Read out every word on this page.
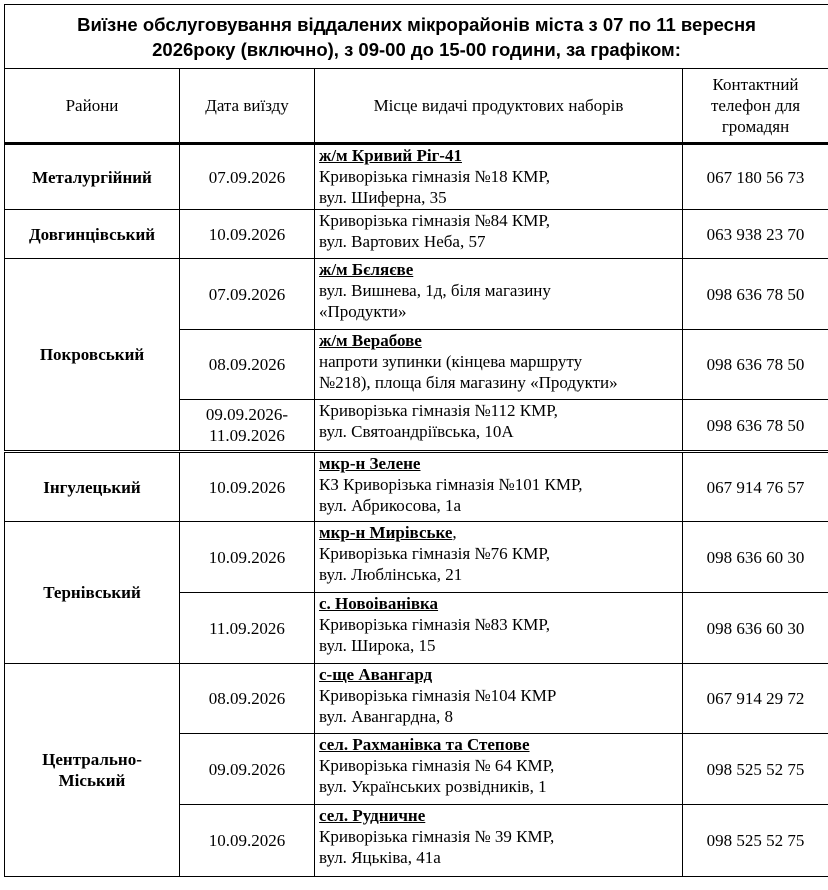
Виїзне обслуговування віддалених мікрорайонів міста з 07 по 11 вересня
2026року (включно), з 09-00 до 15-00 години, за графіком:			

Райони	Дата виїзду	Місце видачі продуктових наборів	Контактний
телефон для
громадян

Металургійний	07.09.2026	ж/м Кривий Ріг-41
Криворізька гімназія №18 КМР,
вул. Шиферна, 35	067 180 56 73
Довгинцівський	10.09.2026	Криворізька гімназія №84 КМР,
вул. Вартових Неба, 57	063 938 23 70
Покровський	07.09.2026	ж/м Бєляєве
вул. Вишнева, 1д, біля магазину
«Продукти»	098 636 78 50
	08.09.2026	ж/м Верабове
напроти зупинки (кінцева маршруту
№218), площа біля магазину «Продукти»	098 636 78 50

	09.09.2026-
11.09.2026	Криворізька гімназія №112 КМР,
вул. Святоандріївська, 10А	098 636 78 50
Інгулецький	10.09.2026	мкр-н Зелене
КЗ Криворізька гімназія №101 КМР,
вул. Абрикосова, 1а	067 914 76 57
Тернівський	10.09.2026	мкр-н Мирівське,
Криворізька гімназія №76 КМР,
вул. Люблінська, 21	098 636 60 30
	11.09.2026	с. Новоіванівка
Криворізька гімназія №83 КМР,
вул. Широка, 15	098 636 60 30

Центрально-
Міський	08.09.2026	с-ще Авангард
Криворізька гімназія №104 КМР
вул. Авангардна, 8	067 914 29 72
	09.09.2026	сел. Рахманівка та Степове
Криворізька гімназія № 64 КМР,
вул. Українських розвідників, 1	098 525 52 75
	10.09.2026	сел. Рудничне
Криворізька гімназія № 39 КМР,
вул. Яцьківа, 41а	098 525 52 75
